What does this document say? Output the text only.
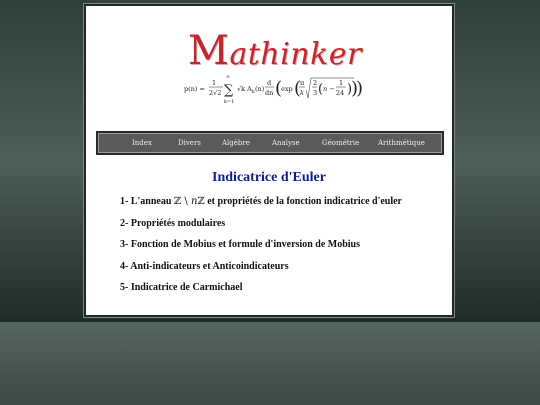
Mathinker
p(n) =
1
2√2
∞
∑
k=1
√k A k (n)
d
dn (
exp (
π
k
2
3 ( n −
1
24 )
)
)
Index	Divers	Algèbre	Analyse	Géométrie	Arithmétique
Indicatrice d'Euler
1- L'anneau ℤ \ nℤ et propriétés de la fonction indicatrice d'euler
2- Propriétés modulaires
3- Fonction de Mobius et formule d'inversion de Mobius
4- Anti-indicateurs et Anticoindicateurs
5- Indicatrice de Carmichael
